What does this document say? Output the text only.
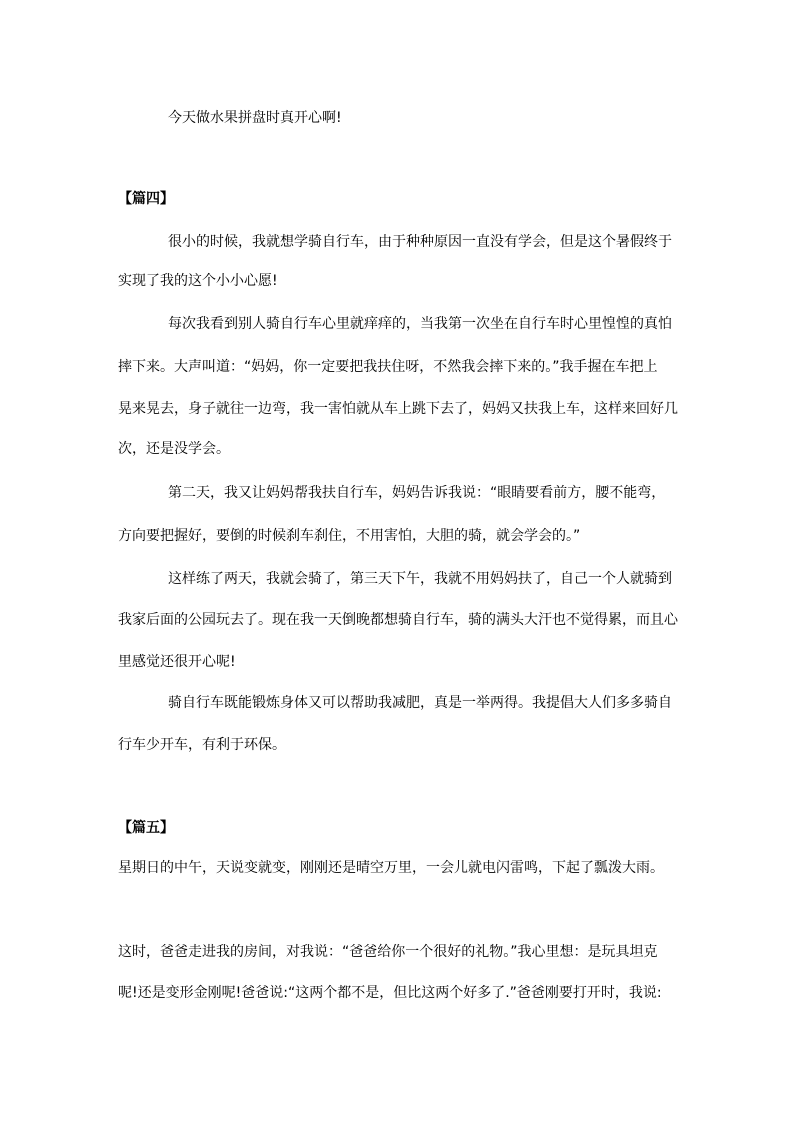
今天做水果拼盘时真开心啊!
【篇四】
很小的时候，我就想学骑自行车，由于种种原因一直没有学会，但是这个暑假终于
实现了我的这个小小心愿!
每次我看到别人骑自行车心里就痒痒的，当我第一次坐在自行车时心里惶惶的真怕
摔下来。大声叫道：“妈妈，你一定要把我扶住呀，不然我会摔下来的。”我手握在车把上
晃来晃去，身子就往一边弯，我一害怕就从车上跳下去了，妈妈又扶我上车，这样来回好几
次，还是没学会。
第二天，我又让妈妈帮我扶自行车，妈妈告诉我说：“眼睛要看前方，腰不能弯，
方向要把握好，要倒的时候刹车刹住，不用害怕，大胆的骑，就会学会的。”
这样练了两天，我就会骑了，第三天下午，我就不用妈妈扶了，自己一个人就骑到
我家后面的公园玩去了。现在我一天倒晚都想骑自行车，骑的满头大汗也不觉得累，而且心
里感觉还很开心呢!
骑自行车既能锻炼身体又可以帮助我减肥，真是一举两得。我提倡大人们多多骑自
行车少开车，有利于环保。
【篇五】
星期日的中午，天说变就变，刚刚还是晴空万里，一会儿就电闪雷鸣，下起了瓢泼大雨。
这时，爸爸走进我的房间，对我说：“爸爸给你一个很好的礼物。”我心里想：是玩具坦克
呢!还是变形金刚呢!爸爸说:“这两个都不是，但比这两个好多了.”爸爸刚要打开时，我说:
